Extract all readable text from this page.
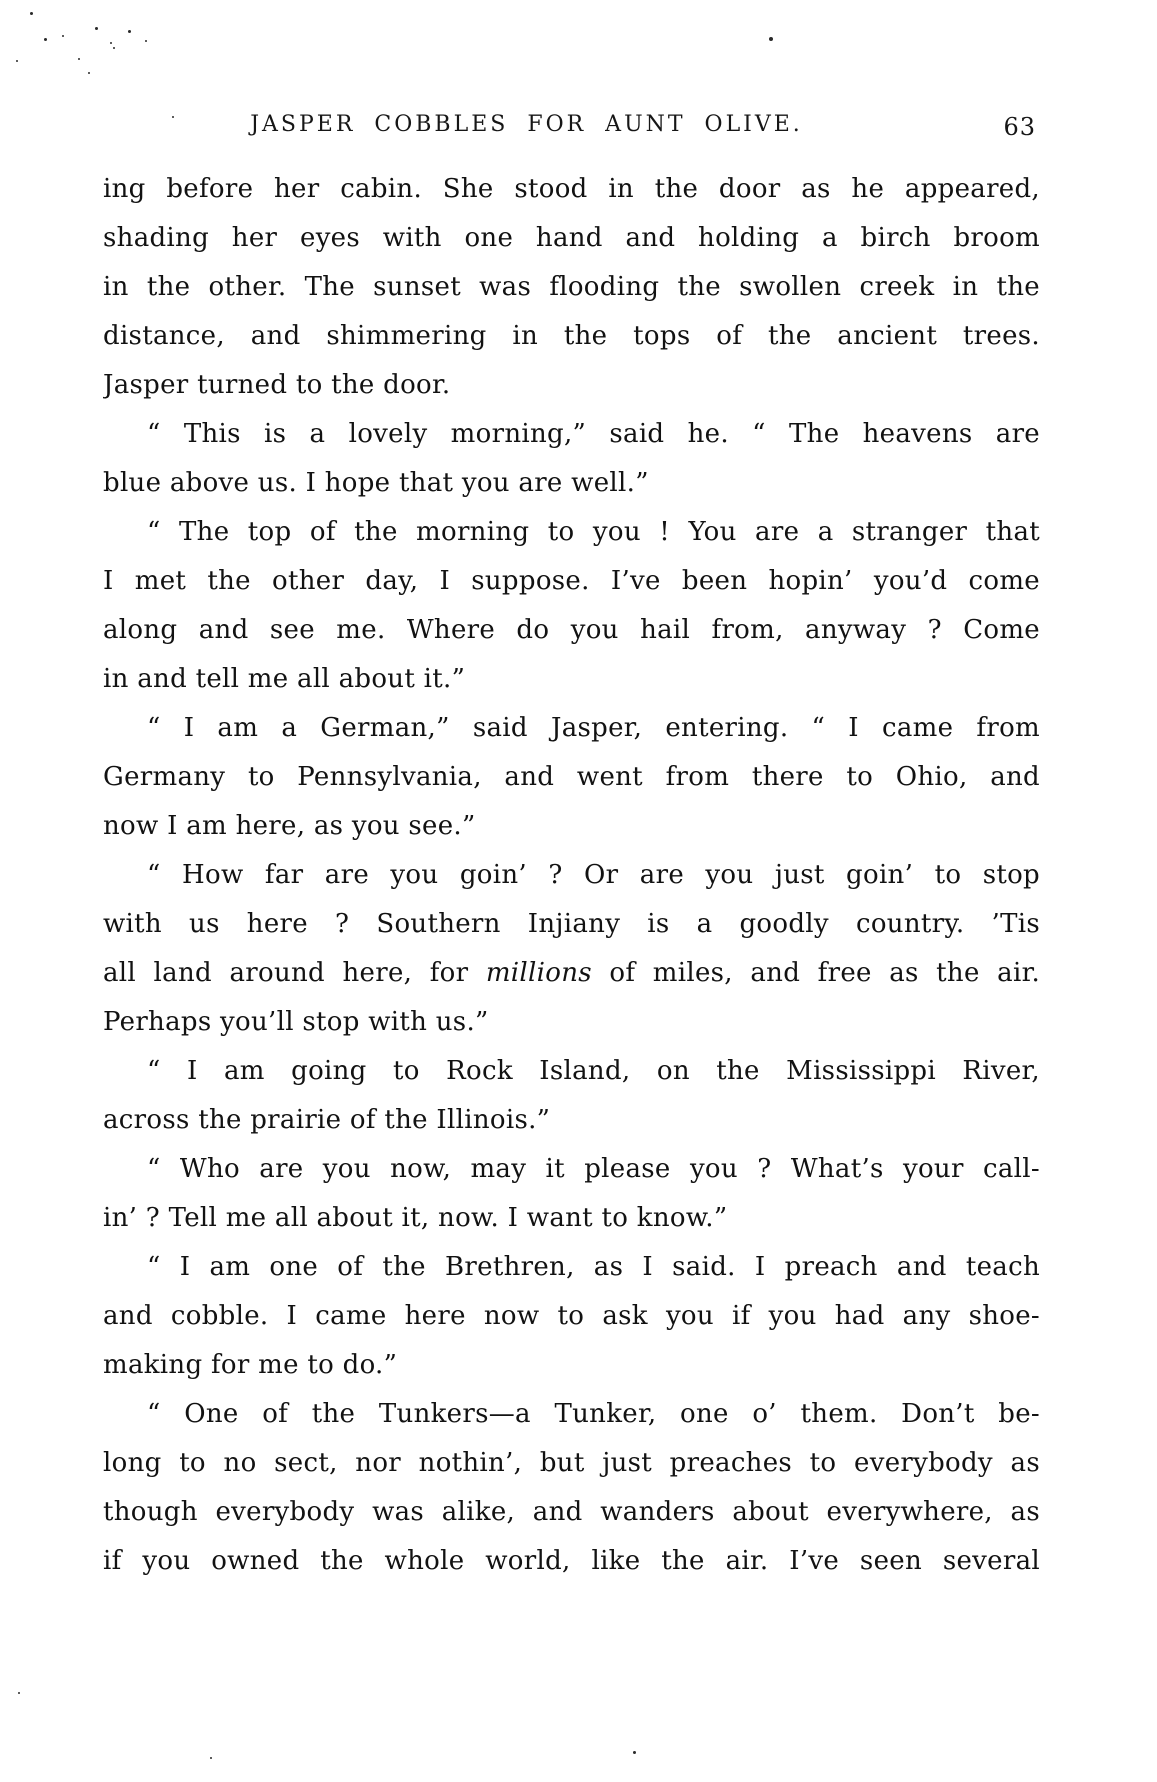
JASPER COBBLES FOR AUNT OLIVE.	63
ing before her cabin. She stood in the door as he appeared,
shading her eyes with one hand and holding a birch broom
in the other. The sunset was flooding the swollen creek in the
distance, and shimmering in the tops of the ancient trees.
Jasper turned to the door.
“ This is a lovely morning,” said he. “ The heavens are
blue above us. I hope that you are well.”
“ The top of the morning to you ! You are a stranger that
I met the other day, I suppose. I’ve been hopin’ you’d come
along and see me. Where do you hail from, anyway ? Come
in and tell me all about it.”
“ I am a German,” said Jasper, entering. “ I came from
Germany to Pennsylvania, and went from there to Ohio, and
now I am here, as you see.”
“ How far are you goin’ ? Or are you just goin’ to stop
with us here ? Southern Injiany is a goodly country. ’Tis
all land around here, for millions of miles, and free as the air.
Perhaps you’ll stop with us.”
“ I am going to Rock Island, on the Mississippi River,
across the prairie of the Illinois.”
“ Who are you now, may it please you ? What’s your call-
in’ ? Tell me all about it, now. I want to know.”
“ I am one of the Brethren, as I said. I preach and teach
and cobble. I came here now to ask you if you had any shoe-
making for me to do.”
“ One of the Tunkers—a Tunker, one o’ them. Don’t be-
long to no sect, nor nothin’, but just preaches to everybody as
though everybody was alike, and wanders about everywhere, as
if you owned the whole world, like the air. I’ve seen several
